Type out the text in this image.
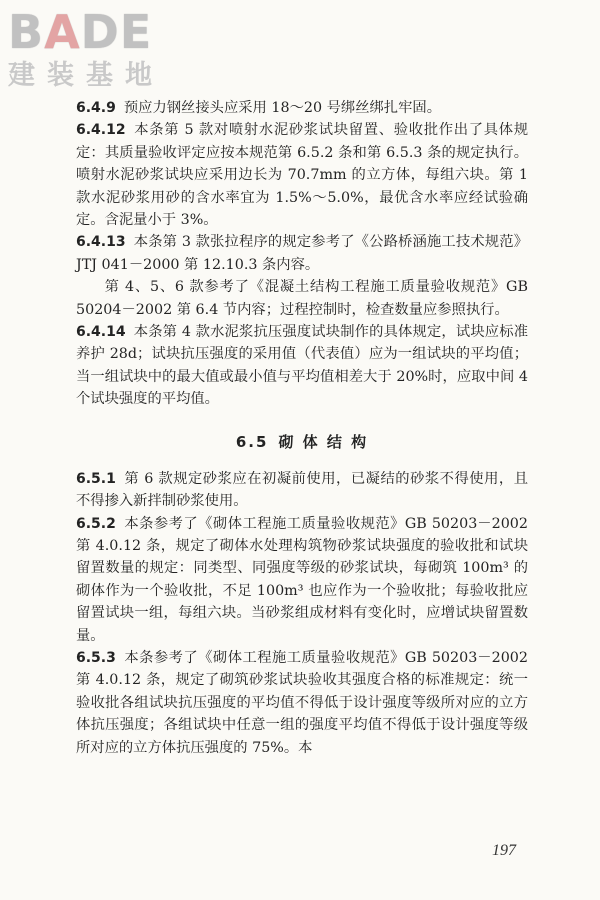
BADE
建装基地

6.4.9 预应力钢丝接头应采用 18～20 号绑丝绑扎牢固。

6.4.12 本条第 5 款对喷射水泥砂浆试块留置、验收批作出了具体规定：其质量验收评定应按本规范第 6.5.2 条和第 6.5.3 条的规定执行。喷射水泥砂浆试块应采用边长为 70.7mm 的立方体，每组六块。第 1 款水泥砂浆用砂的含水率宜为 1.5%～5.0%，最优含水率应经试验确定。含泥量小于 3%。

6.4.13 本条第 3 款张拉程序的规定参考了《公路桥涵施工技术规范》JTJ 041－2000 第 12.10.3 条内容。

第 4、5、6 款参考了《混凝土结构工程施工质量验收规范》GB 50204－2002 第 6.4 节内容；过程控制时，检查数量应参照执行。

6.4.14 本条第 4 款水泥浆抗压强度试块制作的具体规定，试块应标准养护 28d；试块抗压强度的采用值（代表值）应为一组试块的平均值；当一组试块中的最大值或最小值与平均值相差大于 20%时，应取中间 4 个试块强度的平均值。

6.5 砌 体 结 构

6.5.1 第 6 款规定砂浆应在初凝前使用，已凝结的砂浆不得使用，且不得掺入新拌制砂浆使用。

6.5.2 本条参考了《砌体工程施工质量验收规范》GB 50203－2002 第 4.0.12 条，规定了砌体水处理构筑物砂浆试块强度的验收批和试块留置数量的规定：同类型、同强度等级的砂浆试块，每砌筑 100m³ 的砌体作为一个验收批，不足 100m³ 也应作为一个验收批；每验收批应留置试块一组，每组六块。当砂浆组成材料有变化时，应增试块留置数量。

6.5.3 本条参考了《砌体工程施工质量验收规范》GB 50203－2002 第 4.0.12 条，规定了砌筑砂浆试块验收其强度合格的标准规定：统一验收批各组试块抗压强度的平均值不得低于设计强度等级所对应的立方体抗压强度；各组试块中任意一组的强度平均值不得低于设计强度等级所对应的立方体抗压强度的 75%。本

197
